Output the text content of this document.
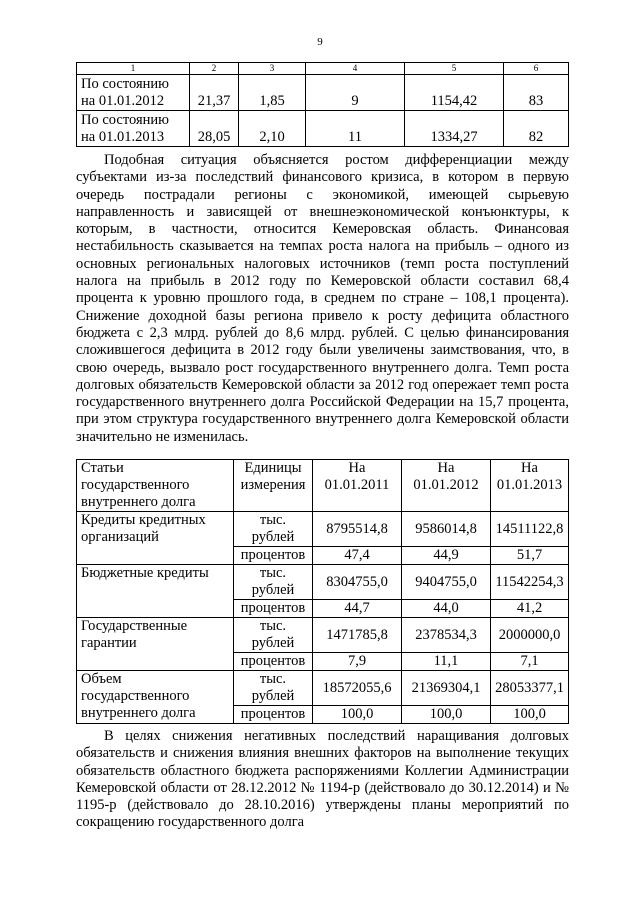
9
1	2	3	4	5	6
По состоянию на 01.01.2012	21,37	1,85	9	1154,42	83
По состоянию на 01.01.2013	28,05	2,10	11	1334,27	82

Подобная ситуация объясняется ростом дифференциации между субъектами из-за последствий финансового кризиса, в котором в первую очередь пострадали регионы с экономикой, имеющей сырьевую направленность и зависящей от внешнеэкономической конъюнктуры, к которым, в частности, относится Кемеровская область. Финансовая нестабильность сказывается на темпах роста налога на прибыль – одного из основных региональных налоговых источников (темп роста поступлений налога на прибыль в 2012 году по Кемеровской области составил 68,4 процента к уровню прошлого года, в среднем по стране – 108,1 процента). Снижение доходной базы региона привело к росту дефицита областного бюджета с 2,3 млрд. рублей до 8,6 млрд. рублей. С целью финансирования сложившегося дефицита в 2012 году были увеличены заимствования, что, в свою очередь, вызвало рост государственного внутреннего долга. Темп роста долговых обязательств Кемеровской области за 2012 год опережает темп роста государственного внутреннего долга Российской Федерации на 15,7 процента, при этом структура государственного внутреннего долга Кемеровской области значительно не изменилась.

Статьи государственного внутреннего долга	Единицы измерения	На 01.01.2011	На 01.01.2012	На 01.01.2013
Кредиты кредитных организаций	тыс. рублей	8795514,8	9586014,8	14511122,8
	процентов	47,4	44,9	51,7
Бюджетные кредиты	тыс. рублей	8304755,0	9404755,0	11542254,3
	процентов	44,7	44,0	41,2
Государственные гарантии	тыс. рублей	1471785,8	2378534,3	2000000,0
	процентов	7,9	11,1	7,1
Объем государственного внутреннего долга	тыс. рублей	18572055,6	21369304,1	28053377,1
	процентов	100,0	100,0	100,0

В целях снижения негативных последствий наращивания долговых обязательств и снижения влияния внешних факторов на выполнение текущих обязательств областного бюджета распоряжениями Коллегии Администрации Кемеровской области от 28.12.2012 № 1194-р (действовало до 30.12.2014) и № 1195-р (действовало до 28.10.2016) утверждены планы мероприятий по сокращению государственного долга
